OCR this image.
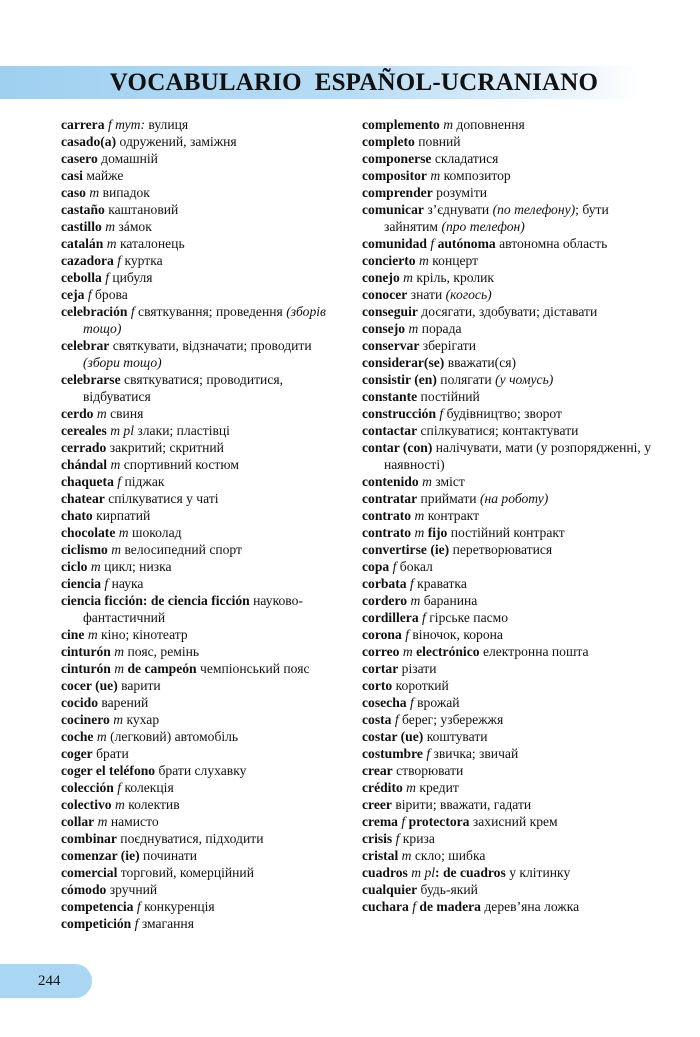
VOCABULARIO  ESPAÑOL-UCRANIANO
carrera f тут: вулиця
casado(a) одружений, заміжня
casero домашній
casi майже
caso m випадок
castaño каштановий
castillo m зáмок
catalán m каталонець
cazadora f куртка
cebolla f цибуля
ceja f брова
celebración f святкування; проведення (зборів тощо)
celebrar святкувати, відзначати; проводити (збори тощо)
celebrarse святкуватися; проводитися, відбуватися
cerdo m свиня
cereales m pl злаки; пластівці
cerrado закритий; скритний
chándal m спортивний костюм
chaqueta f піджак
chatear спілкуватися у чаті
chato кирпатий
chocolate m шоколад
ciclismo m велосипедний спорт
ciclo m цикл; низка
ciencia f наука
ciencia ficción: de ciencia ficción науково-фантастичний
cine m кіно; кінотеатр
cinturón m пояс, ремінь
cinturón m de campeón чемпіонський пояс
cocer (ue) варити
cocido варений
cocinero m кухар
coche m (легковий) автомобіль
coger брати
coger el teléfono брати слухавку
colección f колекція
colectivo m колектив
collar m намисто
combinar поєднуватися, підходити
comenzar (ie) починати
comercial торговий, комерційний
cómodo зручний
competencia f конкуренція
competición f змагання
complemento m доповнення
completo повний
componerse складатися
compositor m композитор
comprender розуміти
comunicar з’єднувати (по телефону); бути зайнятим (про телефон)
comunidad f autónoma автономна область
concierto m концерт
conejo m кріль, кролик
conocer знати (когось)
conseguir досягати, здобувати; діставати
consejo m порада
conservar зберігати
considerar(se) вважати(ся)
consistir (en) полягати (у чомусь)
constante постійний
construcción f будівництво; зворот
contactar спілкуватися; контактувати
contar (con) налічувати, мати (у розпорядженні, у наявності)
contenido m зміст
contratar приймати (на роботу)
contrato m контракт
contrato m fijo постійний контракт
convertirse (ie) перетворюватися
copa f бокал
corbata f краватка
cordero m баранина
cordillera f гірське пасмо
corona f віночок, корона
correo m electrónico електронна пошта
cortar різати
corto короткий
cosecha f врожай
costa f берег; узбережжя
costar (ue) коштувати
costumbre f звичка; звичай
crear створювати
crédito m кредит
creer вірити; вважати, гадати
crema f protectora захисний крем
crisis f криза
cristal m скло; шибка
cuadros m pl: de cuadros у клітинку
cualquier будь-який
cuchara f de madera дерев’яна ложка
244
